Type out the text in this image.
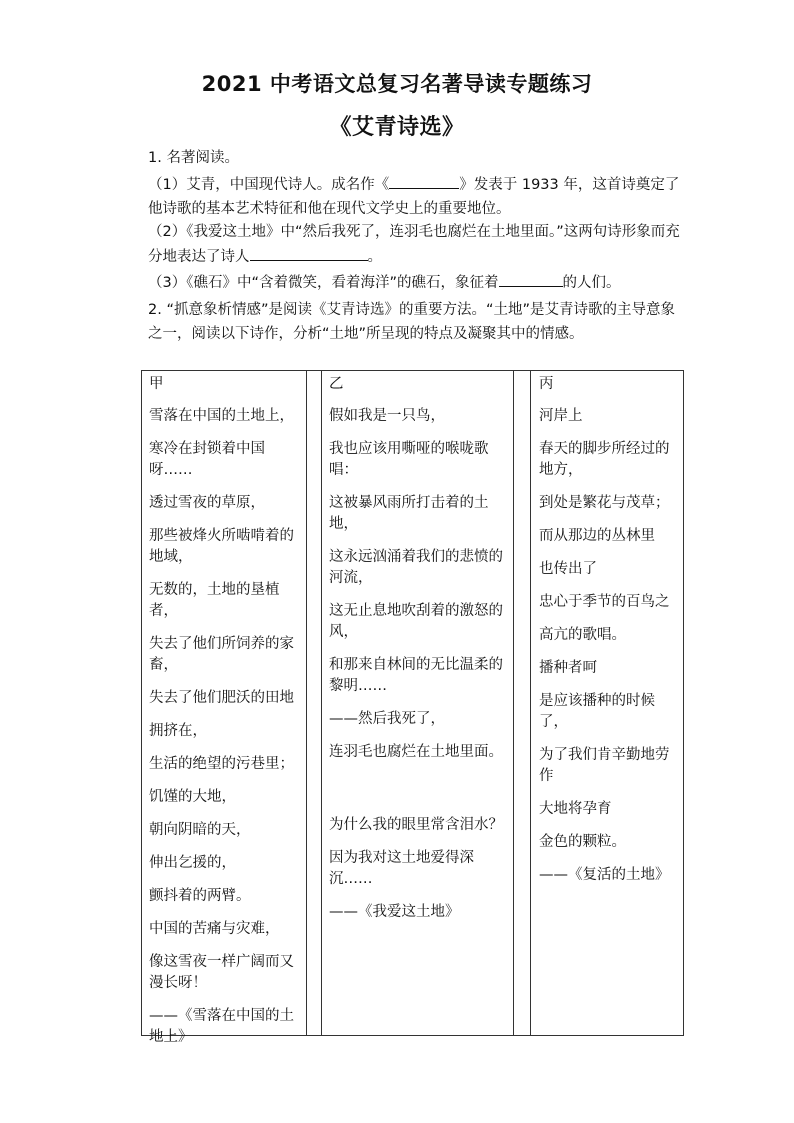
2021 中考语文总复习名著导读专题练习
《艾青诗选》
1. 名著阅读。
（1）艾青，中国现代诗人。成名作《	》发表于 1933 年，这首诗奠定了他诗歌的基本艺术特征和他在现代文学史上的重要地位。
（2）《我爱这土地》中“然后我死了，连羽毛也腐烂在土地里面。”这两句诗形象而充分地表达了诗人	。
（3）《礁石》中“含着微笑，看着海洋”的礁石，象征着	的人们。
2. “抓意象析情感”是阅读《艾青诗选》的重要方法。“土地”是艾青诗歌的主导意象之一，阅读以下诗作，分析“土地”所呈现的特点及凝聚其中的情感。
甲
雪落在中国的土地上，
寒冷在封锁着中国呀……
透过雪夜的草原，
那些被烽火所啮啃着的地域，
无数的，土地的垦植者，
失去了他们所饲养的家畜，
失去了他们肥沃的田地
拥挤在，
生活的绝望的污巷里；
饥馑的大地，
朝向阴暗的天，
伸出乞援的，
颤抖着的两臂。
中国的苦痛与灾难，
像这雪夜一样广阔而又漫长呀！
——《雪落在中国的土地上》
乙
假如我是一只鸟，
我也应该用嘶哑的喉咙歌唱：
这被暴风雨所打击着的土地，
这永远汹涌着我们的悲愤的河流，
这无止息地吹刮着的激怒的风，
和那来自林间的无比温柔的黎明……
——然后我死了，
连羽毛也腐烂在土地里面。
为什么我的眼里常含泪水？
因为我对这土地爱得深沉……
——《我爱这土地》
丙
河岸上
春天的脚步所经过的地方，
到处是繁花与茂草；
而从那边的丛林里
也传出了
忠心于季节的百鸟之
高亢的歌唱。
播种者呵
是应该播种的时候了，
为了我们肯辛勤地劳作
大地将孕育
金色的颗粒。
——《复活的土地》
